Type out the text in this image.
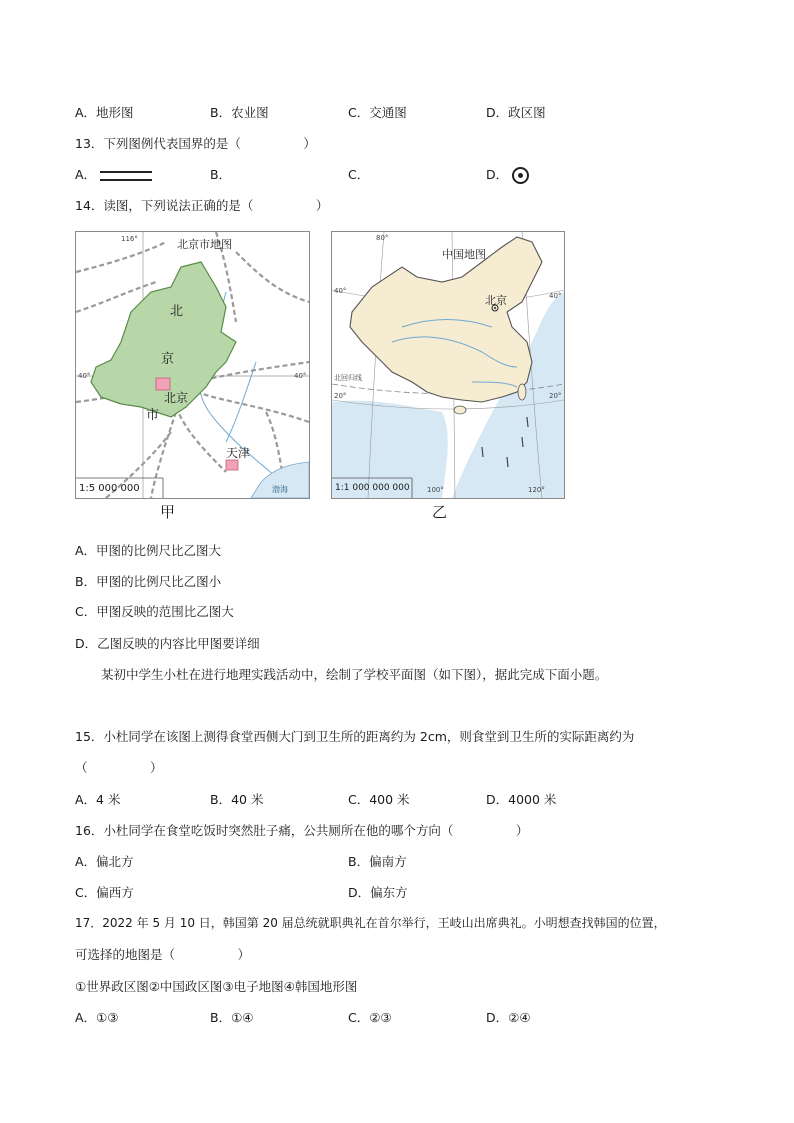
A．地形图	B．农业图	C．交通图	D．政区图
13．下列图例代表国界的是（　　　　　）
A．	B．	C．	D．
14．读图，下列说法正确的是（　　　　　）
北京市地图
116°
40°	40°
北
京
市
北京
天津
渤海
1:5 000 000
甲
中国地图
北京
北回归线
80°
100°	120°
40°
40°
20°	20°
1:1 000 000 000
乙
A．甲图的比例尺比乙图大
B．甲图的比例尺比乙图小
C．甲图反映的范围比乙图大
D．乙图反映的内容比甲图要详细
某初中学生小杜在进行地理实践活动中，绘制了学校平面图（如下图），据此完成下面小题。
15．小杜同学在该图上测得食堂西侧大门到卫生所的距离约为 2cm，则食堂到卫生所的实际距离约为
（　　　　　）
A．4 米	B．40 米	C．400 米	D．4000 米
16．小杜同学在食堂吃饭时突然肚子痛，公共厕所在他的哪个方向（　　　　　）
A．偏北方	B．偏南方
C．偏西方	D．偏东方
17．2022 年 5 月 10 日，韩国第 20 届总统就职典礼在首尔举行，王岐山出席典礼。小明想查找韩国的位置，
可选择的地图是（　　　　　）
①世界政区图②中国政区图③电子地图④韩国地形图
A．①③	B．①④	C．②③	D．②④
